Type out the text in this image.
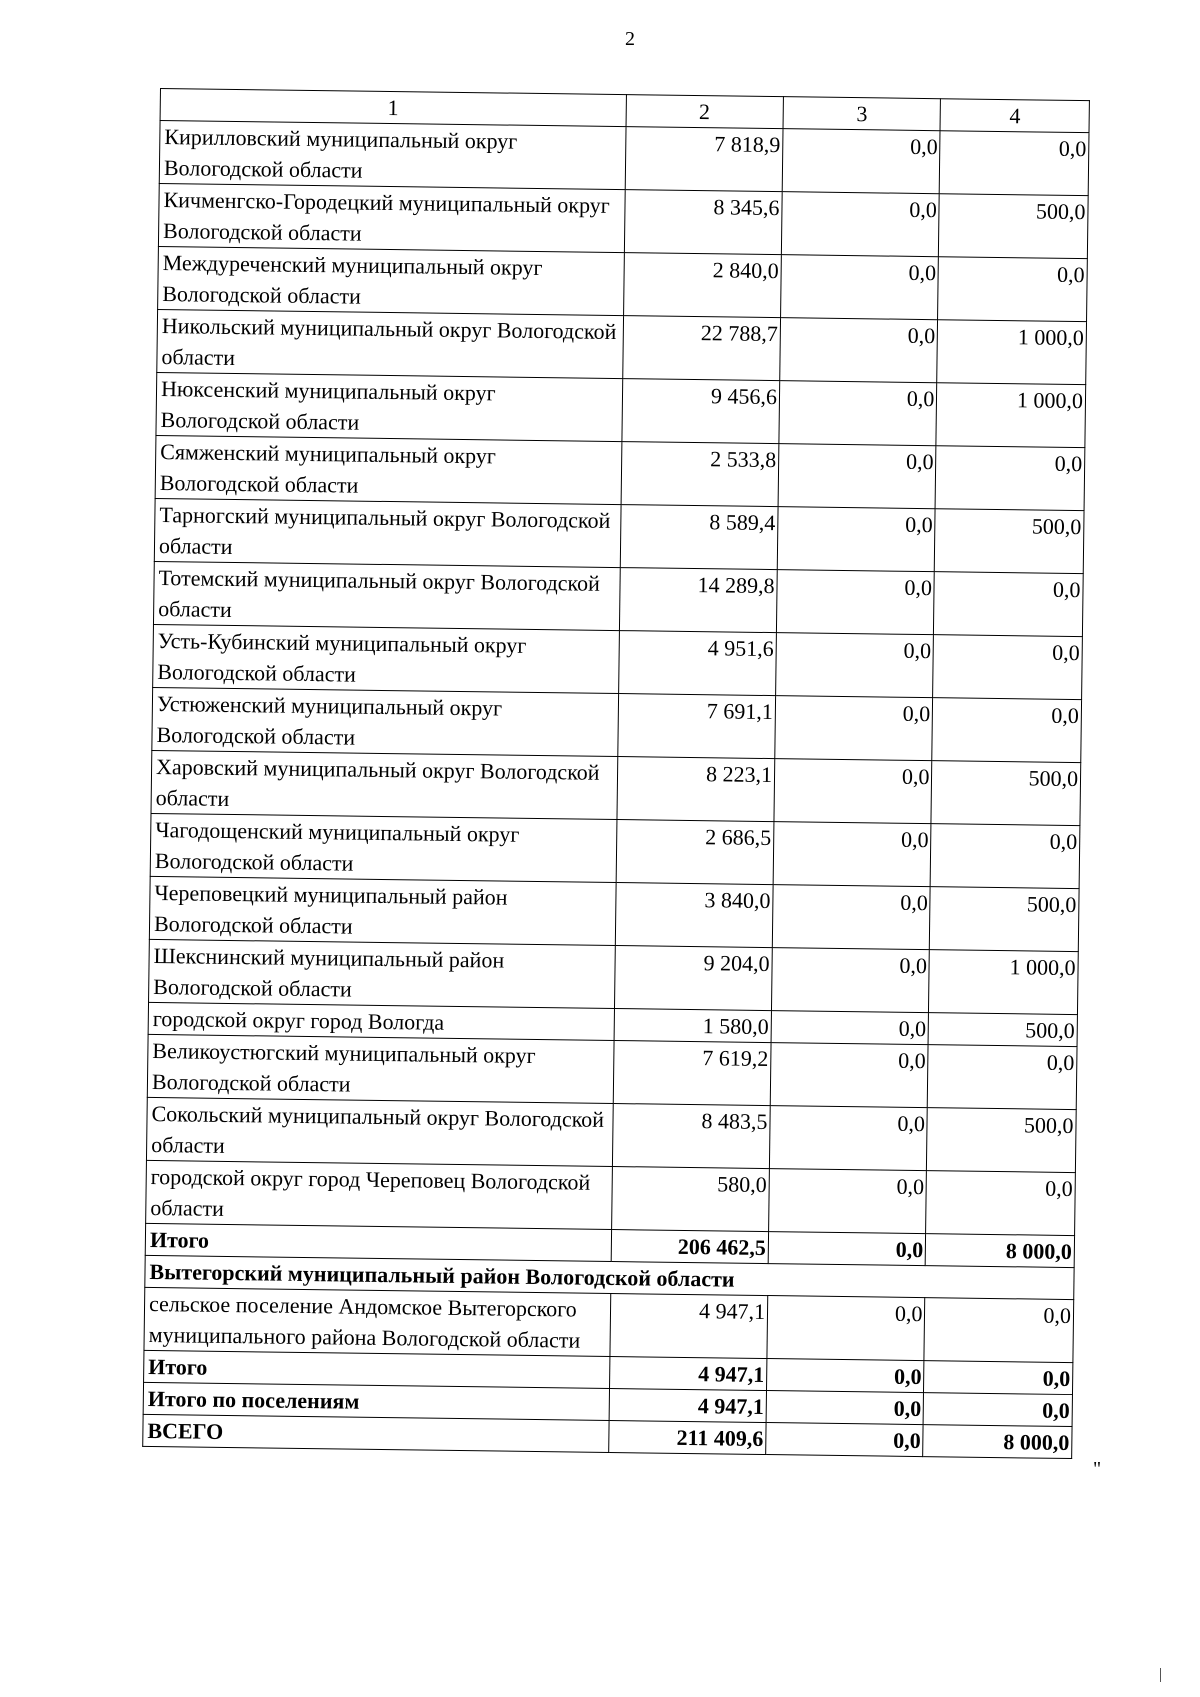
2
1	2	3	4
Кирилловский муниципальный округ Вологодской области	7 818,9	0,0	0,0
Кичменгско-Городецкий муниципальный округ Вологодской области	8 345,6	0,0	500,0
Междуреченский муниципальный округ Вологодской области	2 840,0	0,0	0,0
Никольский муниципальный округ Вологодской области	22 788,7	0,0	1 000,0
Нюксенский муниципальный округ Вологодской области	9 456,6	0,0	1 000,0
Сямженский муниципальный округ Вологодской области	2 533,8	0,0	0,0
Тарногский муниципальный округ Вологодской области	8 589,4	0,0	500,0
Тотемский муниципальный округ Вологодской области	14 289,8	0,0	0,0
Усть-Кубинский муниципальный округ Вологодской области	4 951,6	0,0	0,0
Устюженский муниципальный округ Вологодской области	7 691,1	0,0	0,0
Харовский муниципальный округ Вологодской области	8 223,1	0,0	500,0
Чагодощенский муниципальный округ Вологодской области	2 686,5	0,0	0,0
Череповецкий муниципальный район Вологодской области	3 840,0	0,0	500,0
Шекснинский муниципальный район Вологодской области	9 204,0	0,0	1 000,0
городской округ город Вологда	1 580,0	0,0	500,0
Великоустюгский муниципальный округ Вологодской области	7 619,2	0,0	0,0
Сокольский муниципальный округ Вологодской области	8 483,5	0,0	500,0
городской округ город Череповец Вологодской области	580,0	0,0	0,0
Итого	206 462,5	0,0	8 000,0
Вытегорский муниципальный район Вологодской области			
сельское поселение Андомское Вытегорского муниципального района Вологодской области	4 947,1	0,0	0,0
Итого	4 947,1	0,0	0,0
Итого по поселениям	4 947,1	0,0	0,0
ВСЕГО	211 409,6	0,0	8 000,0
"
